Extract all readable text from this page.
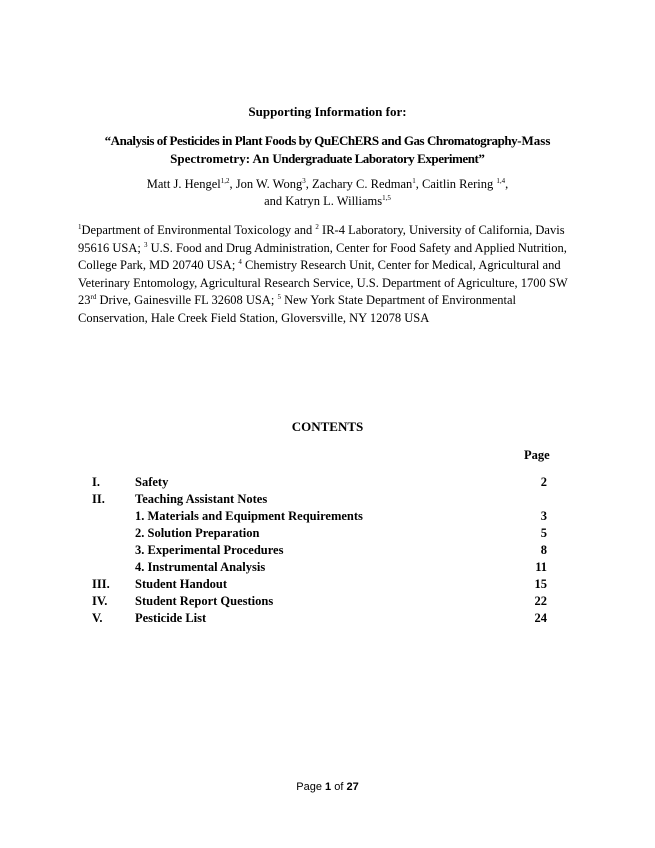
Supporting Information for:
“Analysis of Pesticides in Plant Foods by QuEChERS and Gas Chromatography-Mass
Spectrometry: An Undergraduate Laboratory Experiment”
Matt J. Hengel$^{1,2}$, Jon W. Wong$^3$, Zachary C. Redman$^1$, Caitlin Rering $^{1,4}$,
and Katryn L. Williams$^{1,5}$
$^1$Department of Environmental Toxicology and $^2$ IR-4 Laboratory, University of California, Davis 95616 USA; $^3$ U.S. Food and Drug Administration, Center for Food Safety and Applied Nutrition, College Park, MD 20740 USA; $^4$ Chemistry Research Unit, Center for Medical, Agricultural and Veterinary Entomology, Agricultural Research Service, U.S. Department of Agriculture, 1700 SW 23rd Drive, Gainesville FL 32608 USA; $^5$ New York State Department of Environmental Conservation, Hale Creek Field Station, Gloversville, NY 12078 USA
CONTENTS
Page
I.	Safety	2
II. Teaching Assistant Notes
1. Materials and Equipment Requirements	3
2. Solution Preparation	5
3. Experimental Procedures	8
4. Instrumental Analysis	11
III. Student Handout	15
IV. Student Report Questions	22
V.	Pesticide List	24
Page 1 of 27
